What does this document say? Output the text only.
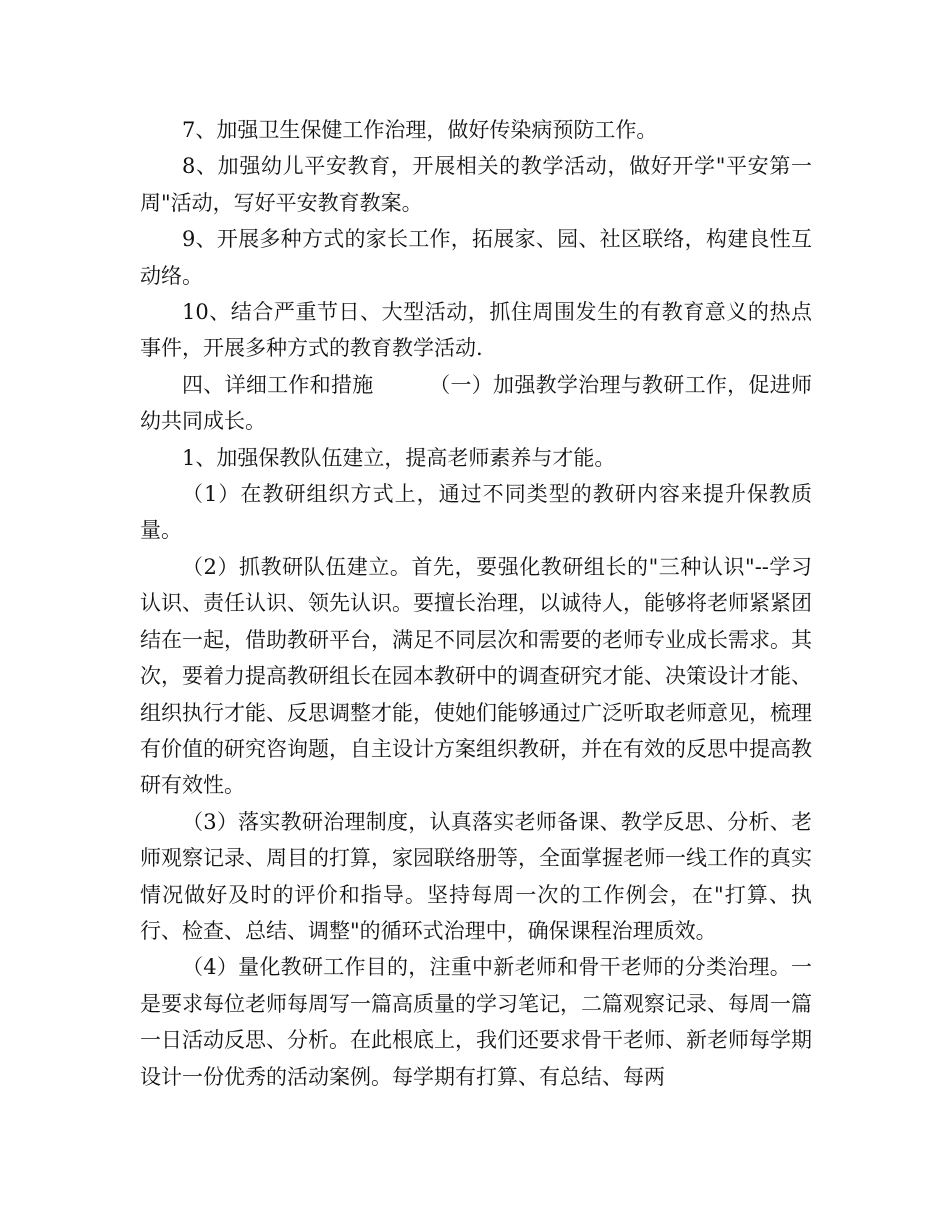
7、加强卫生保健工作治理，做好传染病预防工作。

8、加强幼儿平安教育，开展相关的教学活动，做好开学"平安第一周"活动，写好平安教育教案。

9、开展多种方式的家长工作，拓展家、园、社区联络，构建良性互动络。

10、结合严重节日、大型活动，抓住周围发生的有教育意义的热点事件，开展多种方式的教育教学活动.

四、详细工作和措施        （一）加强教学治理与教研工作，促进师幼共同成长。

1、加强保教队伍建立，提高老师素养与才能。

（1）在教研组织方式上，通过不同类型的教研内容来提升保教质量。

（2）抓教研队伍建立。首先，要强化教研组长的"三种认识"--学习认识、责任认识、领先认识。要擅长治理，以诚待人，能够将老师紧紧团结在一起，借助教研平台，满足不同层次和需要的老师专业成长需求。其次，要着力提高教研组长在园本教研中的调查研究才能、决策设计才能、组织执行才能、反思调整才能，使她们能够通过广泛听取老师意见，梳理有价值的研究咨询题，自主设计方案组织教研，并在有效的反思中提高教研有效性。

（3）落实教研治理制度，认真落实老师备课、教学反思、分析、老师观察记录、周目的打算，家园联络册等，全面掌握老师一线工作的真实情况做好及时的评价和指导。坚持每周一次的工作例会，在"打算、执行、检查、总结、调整"的循环式治理中，确保课程治理质效。

（4）量化教研工作目的，注重中新老师和骨干老师的分类治理。一是要求每位老师每周写一篇高质量的学习笔记，二篇观察记录、每周一篇一日活动反思、分析。在此根底上，我们还要求骨干老师、新老师每学期设计一份优秀的活动案例。每学期有打算、有总结、每两
